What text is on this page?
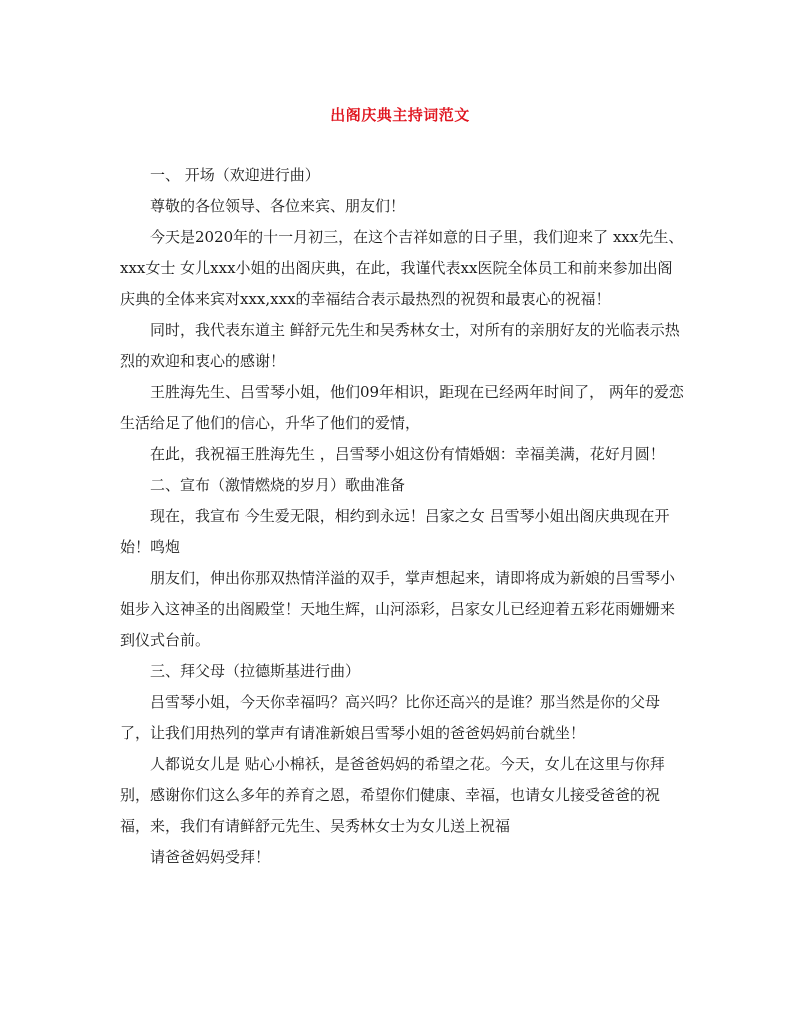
出阁庆典主持词范文

一、 开场（欢迎进行曲）

尊敬的各位领导、各位来宾、朋友们！

今天是2020年的十一月初三，在这个吉祥如意的日子里，我们迎来了 xxx先生、xxx女士 女儿xxx小姐的出阁庆典，在此，我谨代表xx医院全体员工和前来参加出阁庆典的全体来宾对xxx,xxx的幸福结合表示最热烈的祝贺和最衷心的祝福！

同时，我代表东道主 鲜舒元先生和吴秀林女士，对所有的亲朋好友的光临表示热烈的欢迎和衷心的感谢！

王胜海先生、吕雪琴小姐，他们09年相识，距现在已经两年时间了， 两年的爱恋生活给足了他们的信心，升华了他们的爱情，

在此，我祝福王胜海先生 ，吕雪琴小姐这份有情婚姻：幸福美满，花好月圆！

二、宣布（激情燃烧的岁月）歌曲准备

现在，我宣布 今生爱无限，相约到永远！吕家之女 吕雪琴小姐出阁庆典现在开始！鸣炮

朋友们，伸出你那双热情洋溢的双手，掌声想起来，请即将成为新娘的吕雪琴小姐步入这神圣的出阁殿堂！天地生辉，山河添彩，吕家女儿已经迎着五彩花雨姗姗来到仪式台前。

三、拜父母（拉德斯基进行曲）

吕雪琴小姐，今天你幸福吗？高兴吗？比你还高兴的是谁？那当然是你的父母了，让我们用热列的掌声有请准新娘吕雪琴小姐的爸爸妈妈前台就坐！

人都说女儿是 贴心小棉袄，是爸爸妈妈的希望之花。今天，女儿在这里与你拜别，感谢你们这么多年的养育之恩，希望你们健康、幸福，也请女儿接受爸爸的祝福，来，我们有请鲜舒元先生、吴秀林女士为女儿送上祝福

请爸爸妈妈受拜！
